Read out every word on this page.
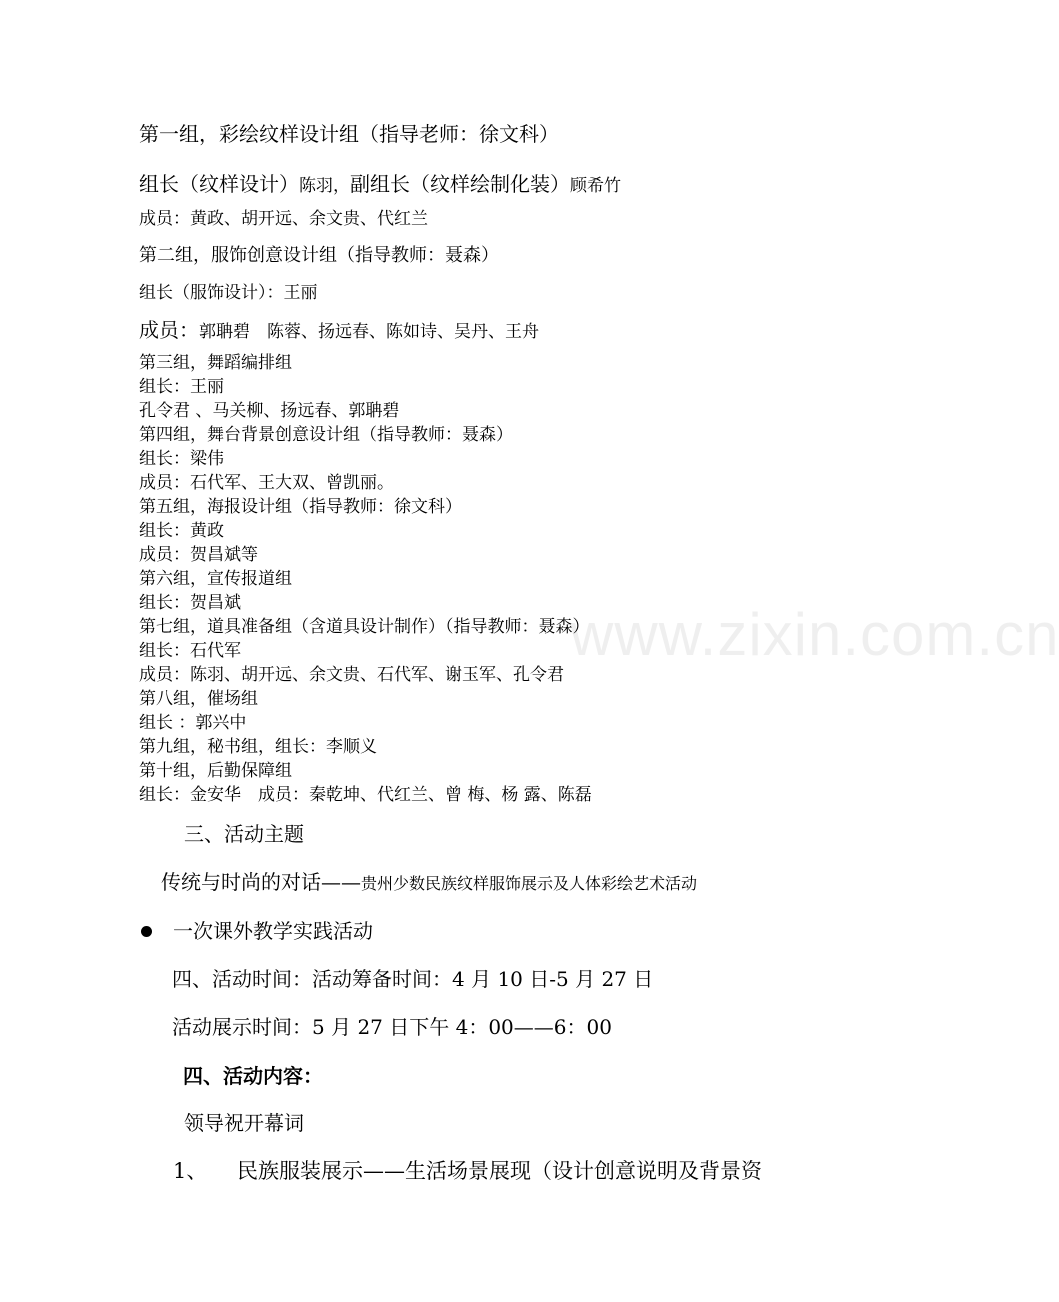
www.zixin.com.cn
第一组，彩绘纹样设计组（指导老师：徐文科）
组长（纹样设计）陈羽，副组长（纹样绘制化装）顾希竹
成员：黄政、胡开远、余文贵、代红兰
第二组，服饰创意设计组（指导教师：聂森）
组长（服饰设计）：王丽
成员：郭聃碧　陈蓉、扬远春、陈如诗、吴丹、王舟
第三组，舞蹈编排组
组长：王丽
孔令君 、马关柳、扬远春、郭聃碧
第四组，舞台背景创意设计组（指导教师：聂森）
组长：梁伟
成员：石代军、王大双、曾凯丽。
第五组，海报设计组（指导教师：徐文科）
组长：黄政
成员：贺昌斌等
第六组，宣传报道组
组长：贺昌斌
第七组，道具准备组（含道具设计制作）（指导教师：聂森）
组长：石代军
成员：陈羽、胡开远、余文贵、石代军、谢玉军、孔令君
第八组，催场组
组长 ：郭兴中
第九组，秘书组，组长：李顺义
第十组，后勤保障组
组长：金安华　成员：秦乾坤、代红兰、曾 梅、杨 露、陈磊
三、活动主题
传统与时尚的对话——贵州少数民族纹样服饰展示及人体彩绘艺术活动
一次课外教学实践活动
四、活动时间：活动筹备时间：4 月 10 日-5 月 27 日
活动展示时间：5 月 27 日下午 4：00——6：00
四、活动内容：
领导祝开幕词
1、 民族服装展示——生活场景展现（设计创意说明及背景资
